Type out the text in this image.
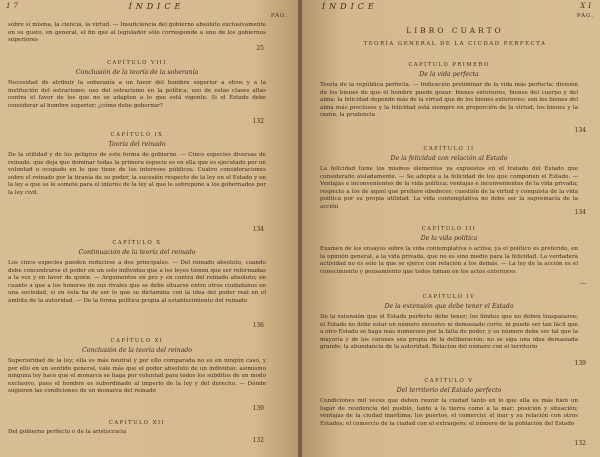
17	ÍNDICE
PÁG.

sobre sí misma, la ciencia, la virtud. — Insuficiencia del gobierno absoluto exclusivamente en su gusto, en general, el fin que al legislador sólo corresponde a uno de los gobiernos superiores

25
CAPÍTULO VIII
Conclusión de la teoría de la soberanía

Necesidad de atribuir la soberanía a un favor del hombre superior a otros y a la institución del ostracismo; uso del ostracismo en la política; uso de estas clases altas contra el favor de los que no se adapten a lo que está vigente. Si el Estado debe considerar al hombre superior; ¿cómo debe gobernar?

132
CAPÍTULO IX
Teoría del reinado

De la utilidad y de los peligros de este forma de gobierno. — Cinco especies diversas de reinado, que deja que dominar todas la primera especie es en ella que es ejecutado por un voluntad o ocupado en lo que tiene de los intereses públicos. Cuatro consideraciones sobre el reinado por la tiranía de su poder, la sucesión respecto de la ley en el Estado y en la ley a que se le somete para el interés de la ley al que le sobrepone a los gobernados por la ley civil.

134
CAPÍTULO X
Continuación de la teoría del reinado

Los cinco especies pueden reducirse a dos principales. — Del reinado absoluto, cuando debe concentrarse el poder en un solo individuo que a los leyes tienen que ser reformadas a la vez y en favor de quién. — Argumentos en pro y en contra del reinado absoluto; en cuanto a que a los honores de sus rivales que se debe situarse entre otros ciudadanos en una sociedad, si en ésta ha de ser lo que se dictamina con la idea del poder real en el ámbito de la autoridad. — De la forma política propia al establecimiento del reinado

136
CAPÍTULO XI
Conclusión de la teoría del reinado

Superioridad de la ley; ella es más neutral y por ello comparada no es en ningún caso, y por ello en un sentido general, vale más que el poder absoluto de un individuo; asimismo ninguna ley hace que el monarca se haga por voluntad para todos los súbditos de un modo exclusivo, pues el hombre es subordinado al imperio de la ley y del derecho. — Dónde sugieren las condiciones de un monarca del reinado

139
CAPÍTULO XII

Del gobierno perfecto o de la aristocracia

132
ÍNDICE	XI
PÁG.
LIBRO CUARTO
TEORÍA GENERAL DE LA CIUDAD PERFECTA
CAPÍTULO PRIMERO
De la vida perfecta

Teoría de la república perfecta. — Indicación preliminar de la vida más perfecta; división de los bienes de que el hombre puede gozar: bienes exteriores, bienes del cuerpo y del alma: la felicidad depende más de la virtud que de los bienes exteriores; son los bienes del alma más preciosos y la felicidad está siempre en proporción de la virtud; los bienes y la razón, la prudencia

134
CAPÍTULO II
De la felicidad con relación al Estado

La felicidad tiene los mismos elementos ya expuestos en el tratado del Estado que considerado aisladamente. — Se adopta a la felicidad de los que componen el Estado. — Ventajas e inconvenientes de la vida política; ventajas e inconvenientes de la vida privada; respecto a los de aquel que prefiere obedecer; cuestión de la virtud y conquista de la vida política por su propia utilidad. La vida contemplativa no debe ser la supremacía de la acción

134
CAPÍTULO III
De la vida política

Examen de los ensayos sobre la vida contemplativa o activa; ya el político es preferido, en la opinión general, a la vida privada, que no es sino medio para la felicidad. La verdadera actividad no es solo la que se ejerce con relación a los demás. — La ley de la acción es el conocimiento y pensamiento que todos toman en los actos exteriores

—
CAPÍTULO IV
De la extensión que debe tener el Estado

De la extensión que el Estado perfecto debe tener; los límites que no deben traspasarse; el Estado no debe estar en número excesivo ni demasiado corto, ni puede ser tan fácil que a otro Estado se haga más numeroso por la falta de poder, y su número debe ser tal que la mayoría y de los varones sea propia de la deliberación; no se siga una idea demasiada grande; la abundancia de la autoridad. Relación del número con el territorio

139
CAPÍTULO V
Del territorio del Estado perfecto

Condiciones mil veces que deben reunir la ciudad tanto en lo que ella es más bien un lugar de residencia del pueblo, tanto a la tierra como a la mar; posición y situación; ventajas de la ciudad marítima; los puertos, el comercio; el mar y su relación con otros Estados; el comercio de la ciudad con el extranjero; el número de la población del Estado

132
